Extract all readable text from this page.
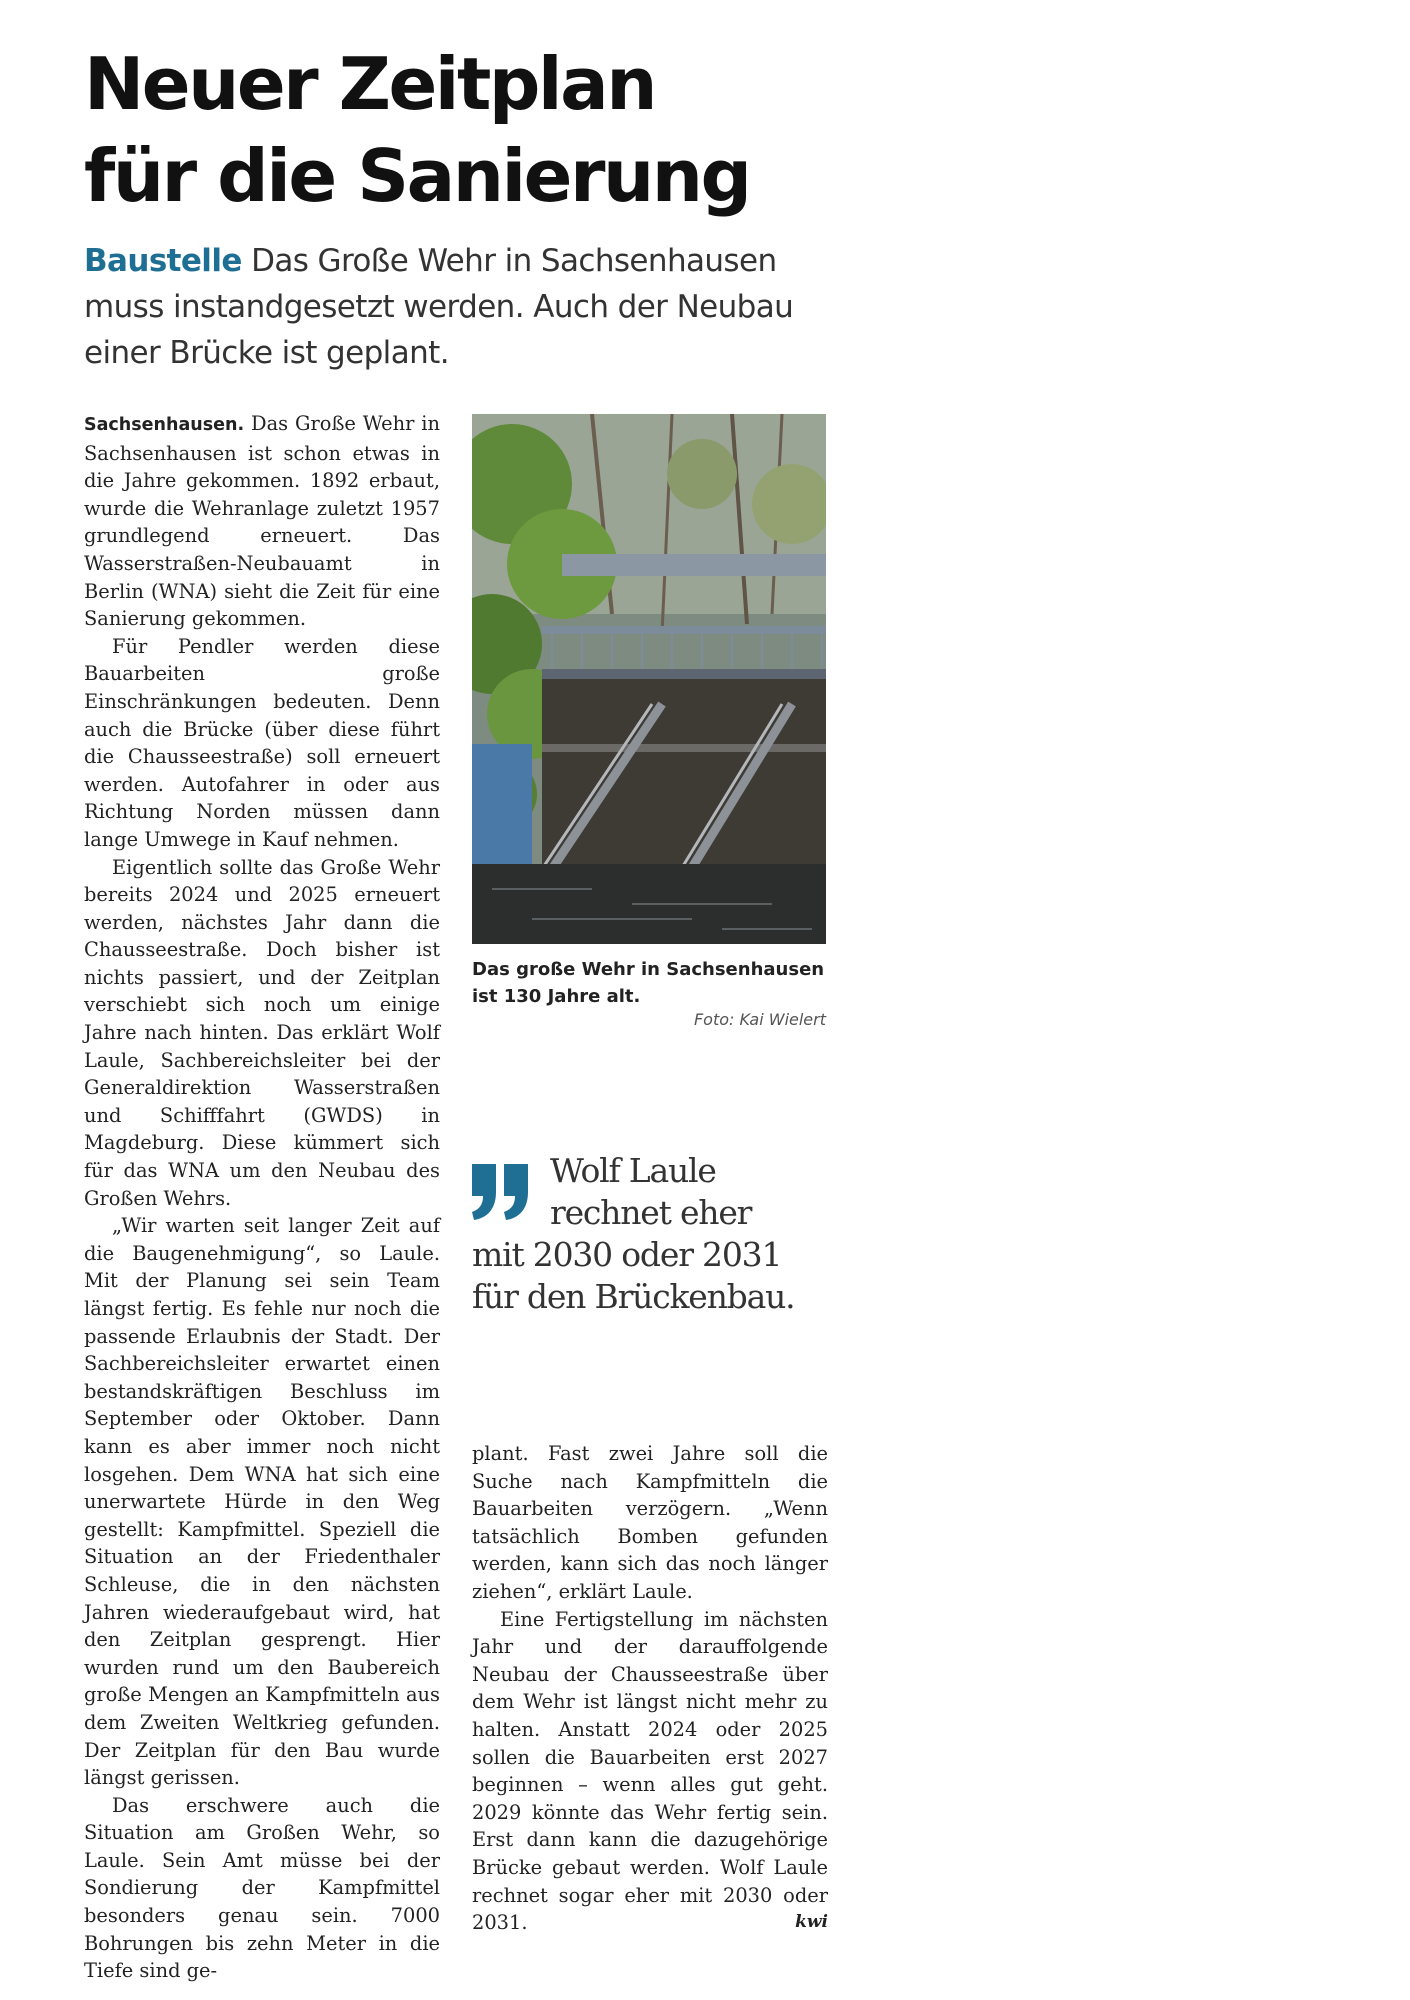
Neuer Zeitplan
für die Sanierung

Baustelle Das Große Wehr in Sachsenhausen muss instandgesetzt werden. Auch der Neubau einer Brücke ist geplant.

Sachsenhausen. Das Große Wehr in Sachsenhausen ist schon etwas in die Jahre gekommen. 1892 erbaut, wurde die Wehranlage zuletzt 1957 grundlegend erneuert. Das Wasserstraßen-Neubauamt in Berlin (WNA) sieht die Zeit für eine Sanierung gekommen.

Für Pendler werden diese Bauarbeiten große Einschränkungen bedeuten. Denn auch die Brücke (über diese führt die Chausseestraße) soll erneuert werden. Autofahrer in oder aus Richtung Norden müssen dann lange Umwege in Kauf nehmen.

Eigentlich sollte das Große Wehr bereits 2024 und 2025 erneuert werden, nächstes Jahr dann die Chausseestraße. Doch bisher ist nichts passiert, und der Zeitplan verschiebt sich noch um einige Jahre nach hinten. Das erklärt Wolf Laule, Sachbereichsleiter bei der Generaldirektion Wasserstraßen und Schifffahrt (GWDS) in Magdeburg. Diese kümmert sich für das WNA um den Neubau des Großen Wehrs.

„Wir warten seit langer Zeit auf die Baugenehmigung“, so Laule. Mit der Planung sei sein Team längst fertig. Es fehle nur noch die passende Erlaubnis der Stadt. Der Sachbereichsleiter erwartet einen bestandskräftigen Beschluss im September oder Oktober. Dann kann es aber immer noch nicht losgehen. Dem WNA hat sich eine unerwartete Hürde in den Weg gestellt: Kampfmittel. Speziell die Situation an der Friedenthaler Schleuse, die in den nächsten Jahren wiederaufgebaut wird, hat den Zeitplan gesprengt. Hier wurden rund um den Baubereich große Mengen an Kampfmitteln aus dem Zweiten Weltkrieg gefunden. Der Zeitplan für den Bau wurde längst gerissen.

Das erschwere auch die Situation am Großen Wehr, so Laule. Sein Amt müsse bei der Sondierung der Kampfmittel besonders genau sein. 7000 Bohrungen bis zehn Meter in die Tiefe sind ge-

Das große Wehr in Sachsenhausen ist 130 Jahre alt.

Foto: Kai Wielert

Wolf Laule
rechnet eher
mit 2030 oder 2031
für den Brückenbau.

plant. Fast zwei Jahre soll die Suche nach Kampfmitteln die Bauarbeiten verzögern. „Wenn tatsächlich Bomben gefunden werden, kann sich das noch länger ziehen“, erklärt Laule.

Eine Fertigstellung im nächsten Jahr und der darauffolgende Neubau der Chausseestraße über dem Wehr ist längst nicht mehr zu halten. Anstatt 2024 oder 2025 sollen die Bauarbeiten erst 2027 beginnen – wenn alles gut geht. 2029 könnte das Wehr fertig sein. Erst dann kann die dazugehörige Brücke gebaut werden. Wolf Laule rechnet sogar eher mit 2030 oder 2031.	kwi
